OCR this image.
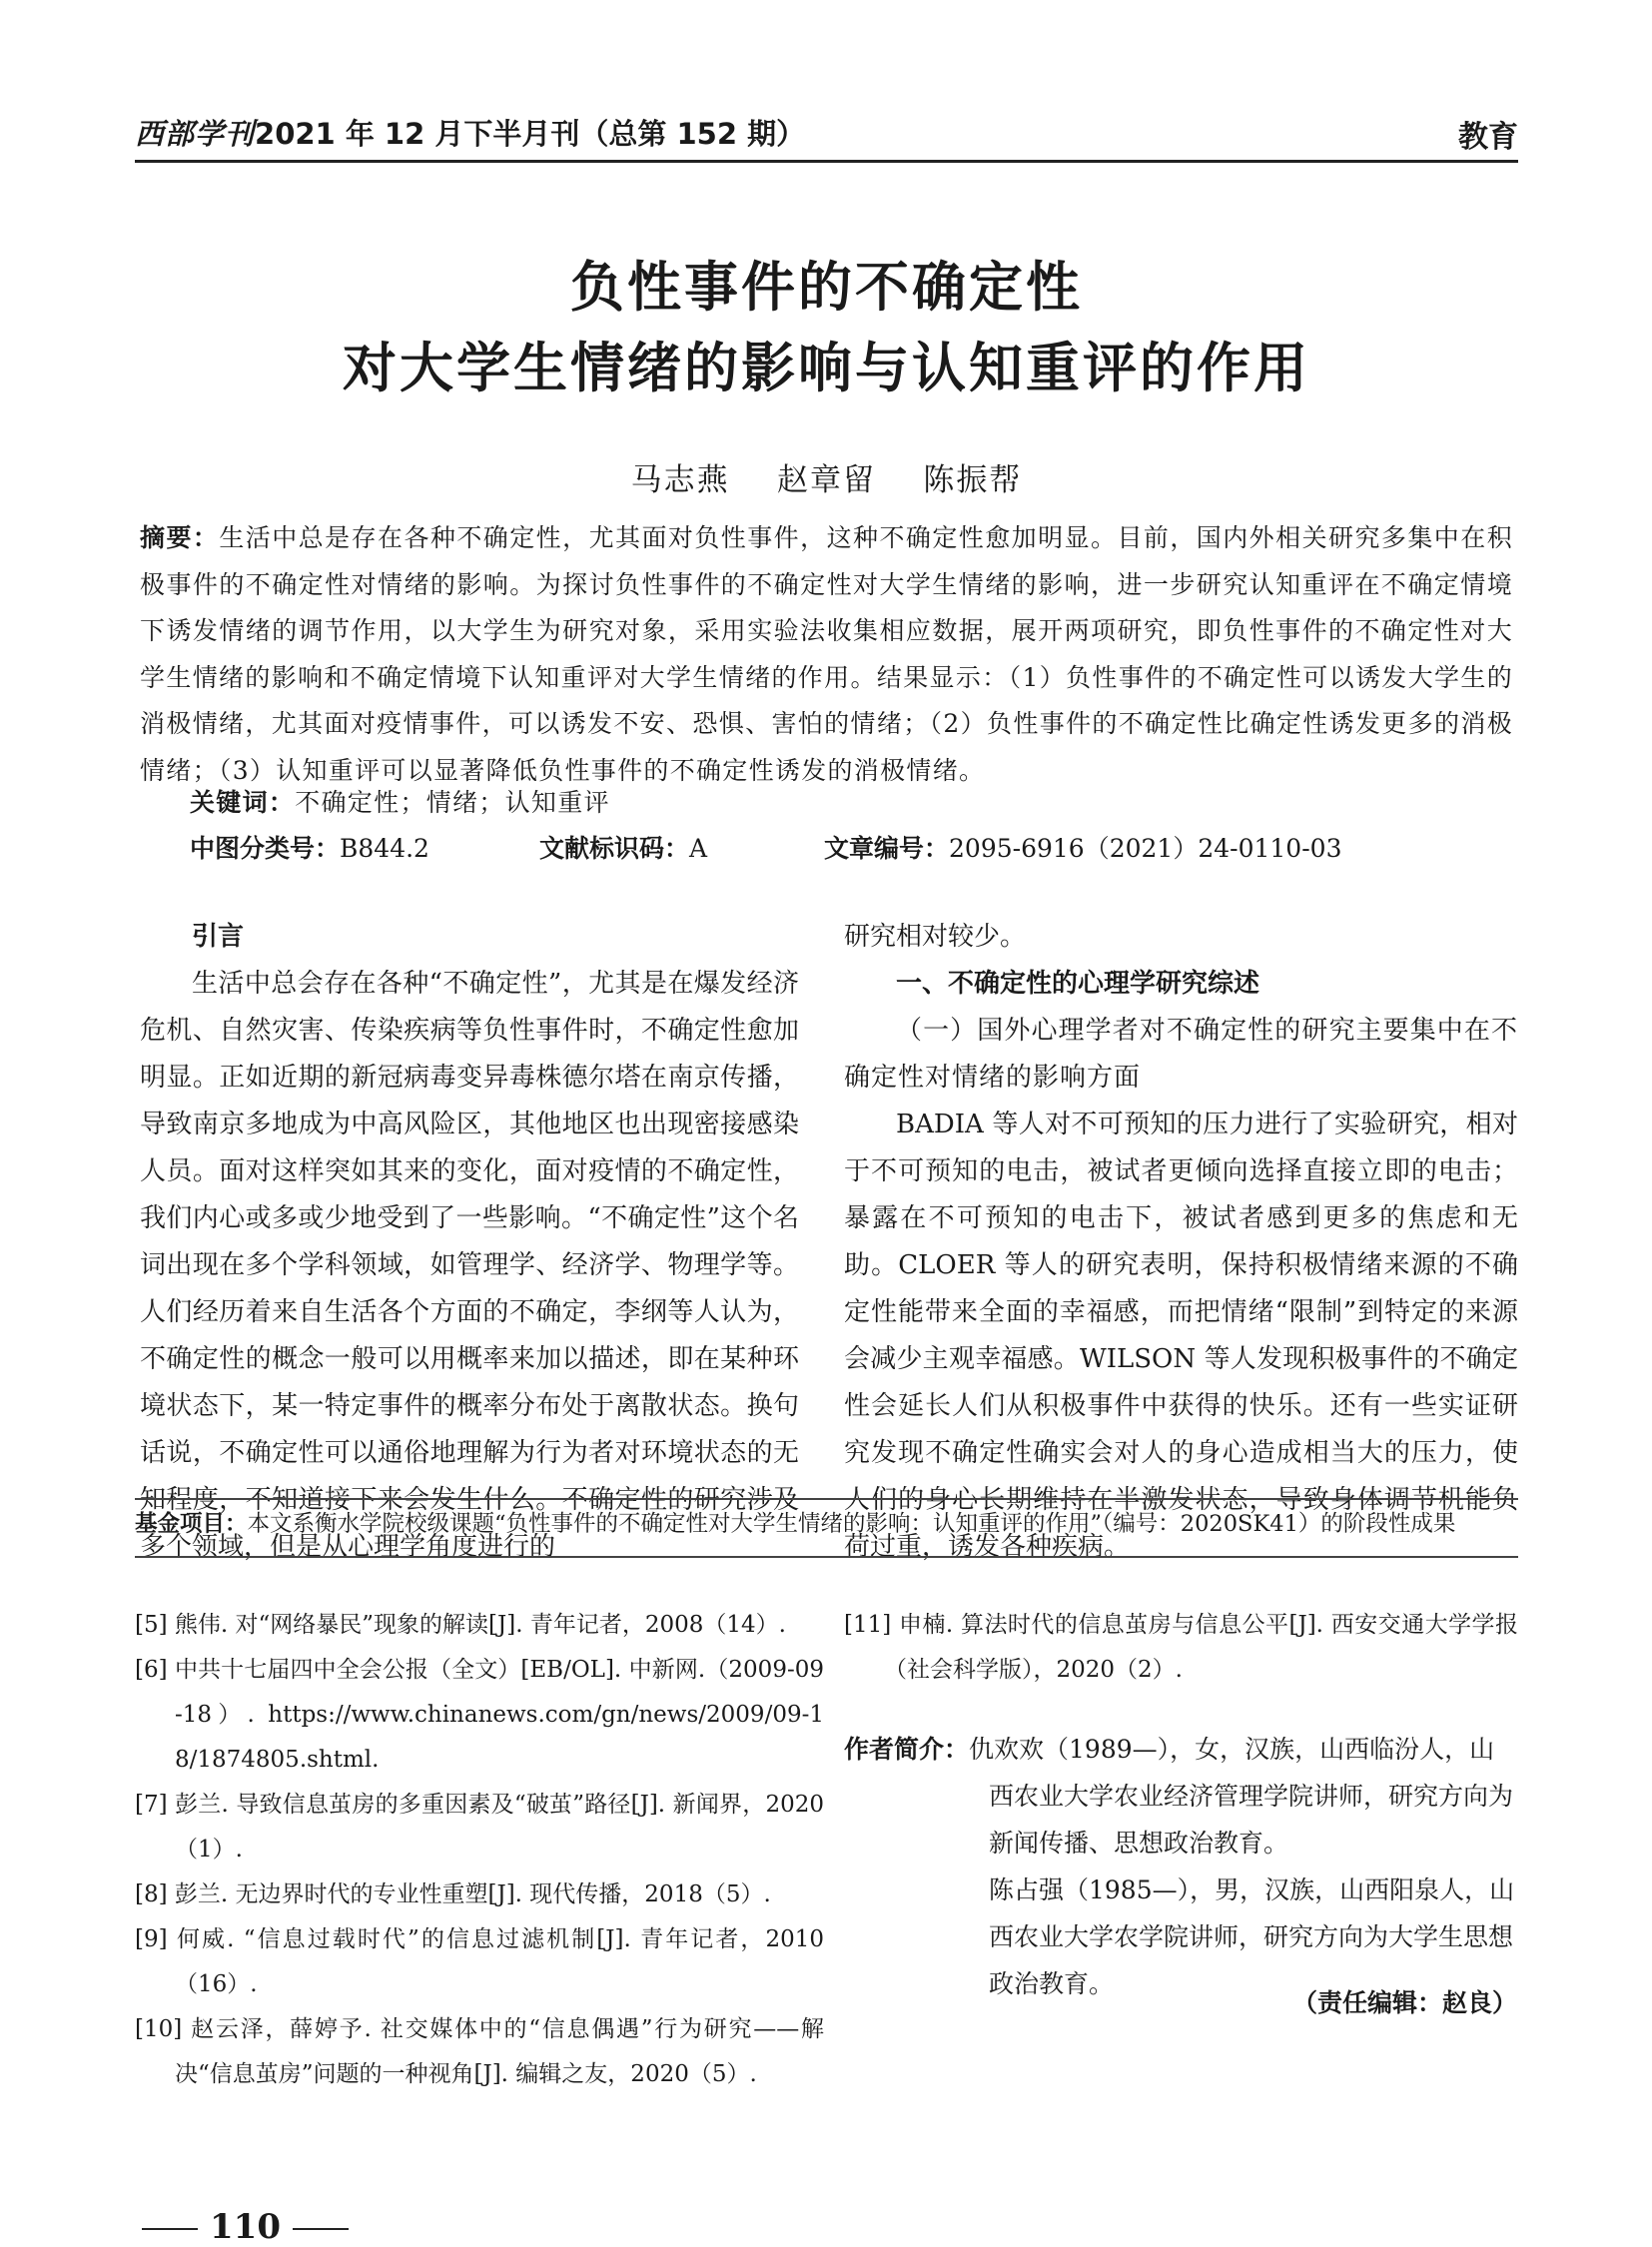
西部学刊2021 年 12 月下半月刊（总第 152 期）	教育
负性事件的不确定性
对大学生情绪的影响与认知重评的作用
马志燕    赵章留    陈振帮
摘要：生活中总是存在各种不确定性，尤其面对负性事件，这种不确定性愈加明显。目前，国内外相关研究多集中在积极事件的不确定性对情绪的影响。为探讨负性事件的不确定性对大学生情绪的影响，进一步研究认知重评在不确定情境下诱发情绪的调节作用，以大学生为研究对象，采用实验法收集相应数据，展开两项研究，即负性事件的不确定性对大学生情绪的影响和不确定情境下认知重评对大学生情绪的作用。结果显示：（1）负性事件的不确定性可以诱发大学生的消极情绪，尤其面对疫情事件，可以诱发不安、恐惧、害怕的情绪；（2）负性事件的不确定性比确定性诱发更多的消极情绪；（3）认知重评可以显著降低负性事件的不确定性诱发的消极情绪。
关键词：不确定性；情绪；认知重评
中图分类号：B844.2	文献标识码：A	文章编号：2095-6916（2021）24-0110-03

引言

生活中总会存在各种“不确定性”，尤其是在爆发经济危机、自然灾害、传染疾病等负性事件时，不确定性愈加明显。正如近期的新冠病毒变异毒株德尔塔在南京传播，导致南京多地成为中高风险区，其他地区也出现密接感染人员。面对这样突如其来的变化，面对疫情的不确定性，我们内心或多或少地受到了一些影响。“不确定性”这个名词出现在多个学科领域，如管理学、经济学、物理学等。人们经历着来自生活各个方面的不确定，李纲等人认为，不确定性的概念一般可以用概率来加以描述，即在某种环境状态下，某一特定事件的概率分布处于离散状态。换句话说，不确定性可以通俗地理解为行为者对环境状态的无知程度，不知道接下来会发生什么。不确定性的研究涉及多个领域，但是从心理学角度进行的

研究相对较少。

一、不确定性的心理学研究综述

（一）国外心理学者对不确定性的研究主要集中在不确定性对情绪的影响方面

BADIA 等人对不可预知的压力进行了实验研究，相对于不可预知的电击，被试者更倾向选择直接立即的电击；暴露在不可预知的电击下，被试者感到更多的焦虑和无助。CLOER 等人的研究表明，保持积极情绪来源的不确定性能带来全面的幸福感，而把情绪“限制”到特定的来源会减少主观幸福感。WILSON 等人发现积极事件的不确定性会延长人们从积极事件中获得的快乐。还有一些实证研究发现不确定性确实会对人的身心造成相当大的压力，使人们的身心长期维持在半激发状态，导致身体调节机能负荷过重，诱发各种疾病。

基金项目：本文系衡水学院校级课题“负性事件的不确定性对大学生情绪的影响：认知重评的作用”（编号：2020SK41）的阶段性成果
[5] 熊伟. 对“网络暴民”现象的解读[J]. 青年记者，2008（14）.
[6] 中共十七届四中全会公报（全文）[EB/OL]. 中新网.（2009-09-18）. https://www.chinanews.com/gn/news/2009/09-18/1874805.shtml.
[7] 彭兰. 导致信息茧房的多重因素及“破茧”路径[J]. 新闻界，2020（1）.
[8] 彭兰. 无边界时代的专业性重塑[J]. 现代传播，2018（5）.
[9] 何威. “信息过载时代”的信息过滤机制[J]. 青年记者，2010（16）.
[10] 赵云泽，薛婷予. 社交媒体中的“信息偶遇”行为研究——解决“信息茧房”问题的一种视角[J]. 编辑之友，2020（5）.
[11] 申楠. 算法时代的信息茧房与信息公平[J]. 西安交通大学学报（社会科学版），2020（2）.
作者简介：仇欢欢（1989—），女，汉族，山西临汾人，山西农业大学农业经济管理学院讲师，研究方向为新闻传播、思想政治教育。
陈占强（1985—），男，汉族，山西阳泉人，山西农业大学农学院讲师，研究方向为大学生思想政治教育。
（责任编辑：赵良）
110
